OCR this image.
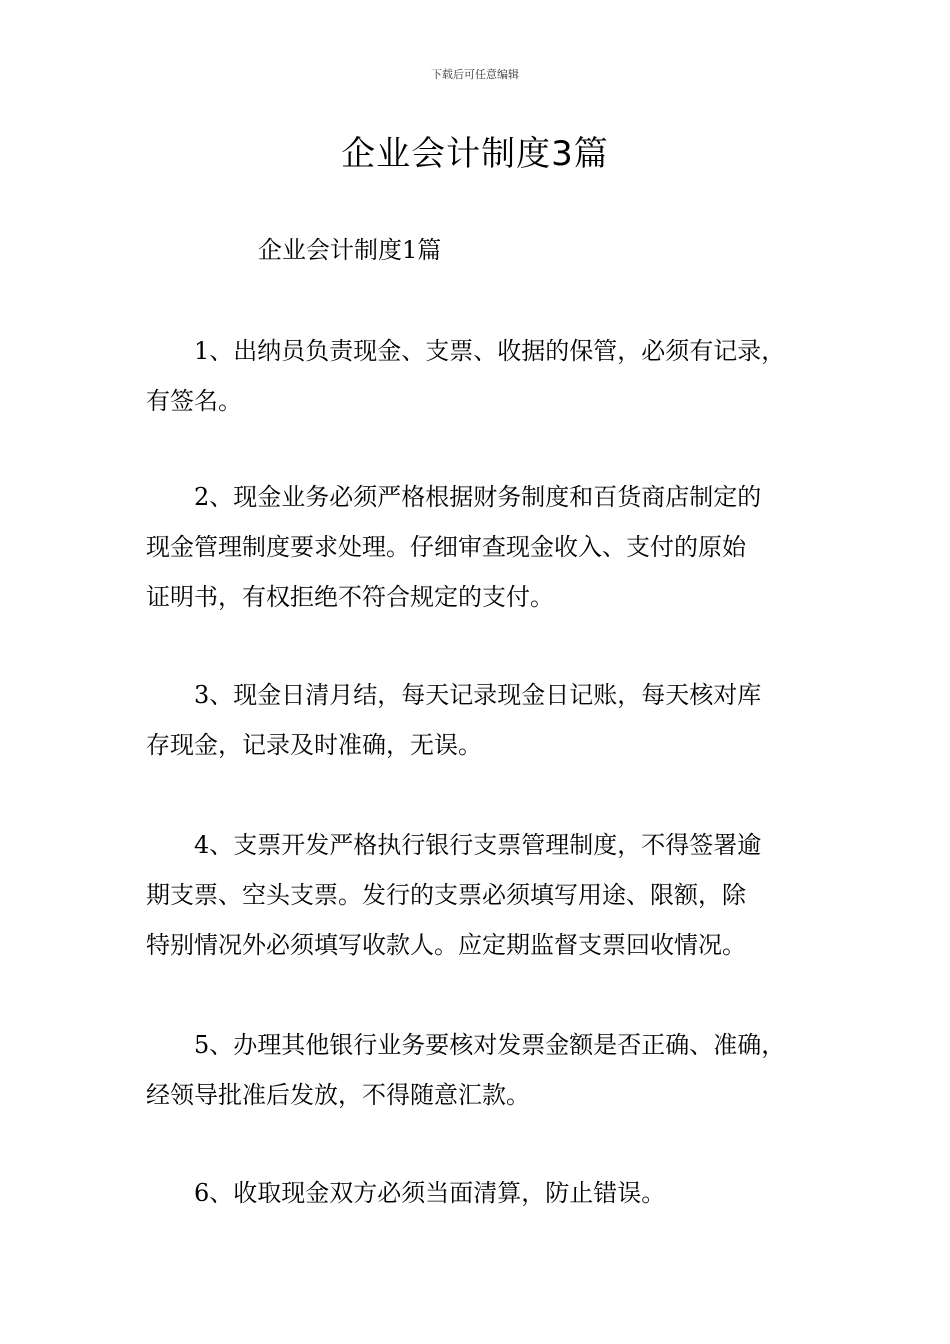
下载后可任意编辑
企业会计制度3篇
企业会计制度1篇
1、出纳员负责现金、支票、收据的保管，必须有记录，
有签名。
2、现金业务必须严格根据财务制度和百货商店制定的
现金管理制度要求处理。仔细审查现金收入、支付的原始
证明书，有权拒绝不符合规定的支付。
3、现金日清月结，每天记录现金日记账，每天核对库
存现金，记录及时准确，无误。
4、支票开发严格执行银行支票管理制度，不得签署逾
期支票、空头支票。发行的支票必须填写用途、限额，除
特别情况外必须填写收款人。应定期监督支票回收情况。
5、办理其他银行业务要核对发票金额是否正确、准确，
经领导批准后发放，不得随意汇款。
6、收取现金双方必须当面清算，防止错误。
